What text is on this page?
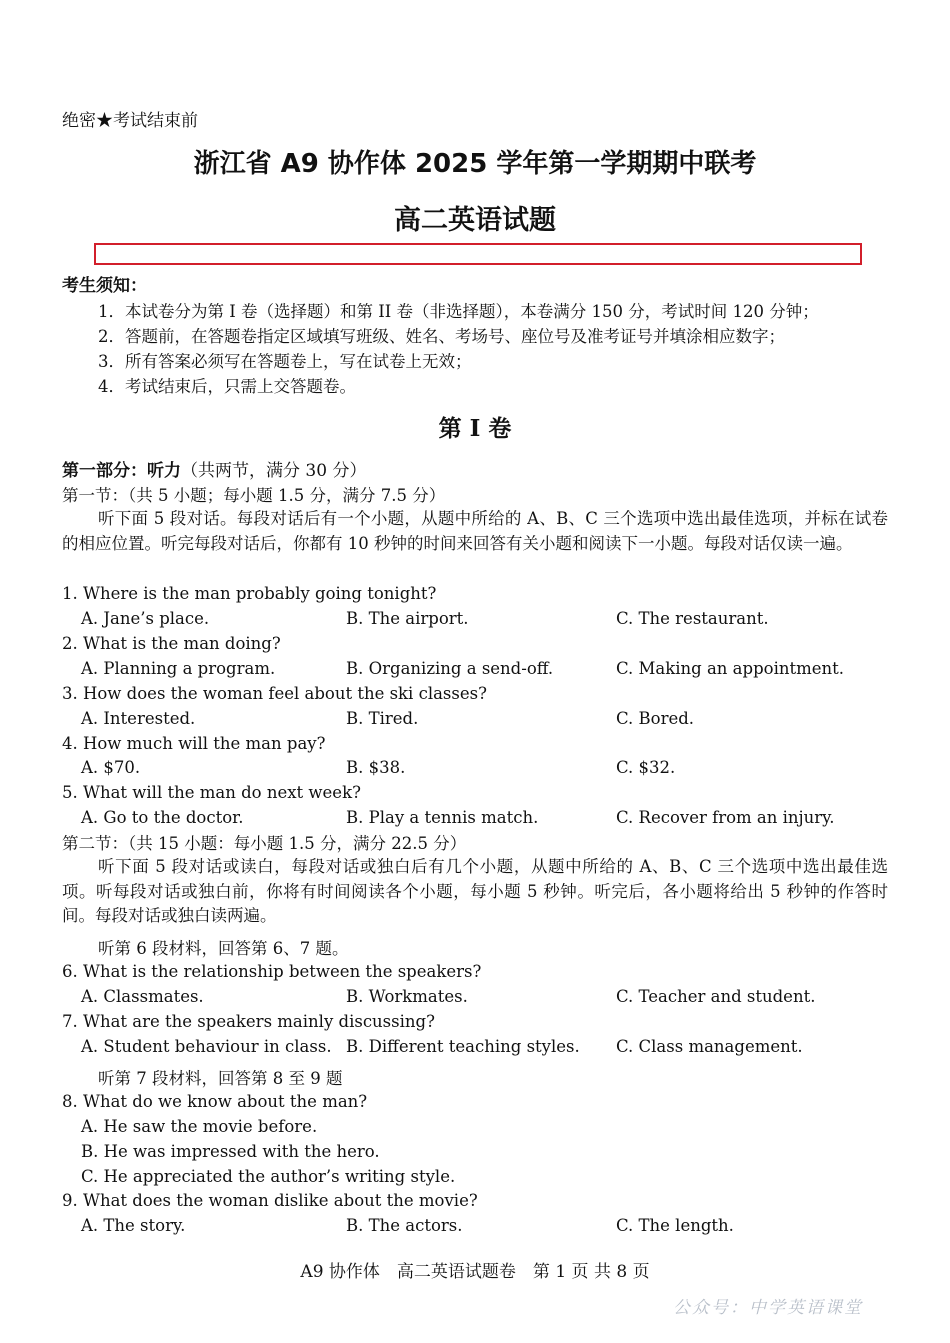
绝密★考试结束前
浙江省 A9 协作体 2025 学年第一学期期中联考
高二英语试题
考生须知：
1．本试卷分为第 I 卷（选择题）和第 II 卷（非选择题），本卷满分 150 分，考试时间 120 分钟；
2．答题前，在答题卷指定区域填写班级、姓名、考场号、座位号及准考证号并填涂相应数字；
3．所有答案必须写在答题卷上，写在试卷上无效；
4．考试结束后，只需上交答题卷。
第 I 卷
第一部分：听力（共两节，满分 30 分）
第一节：（共 5 小题；每小题 1.5 分，满分 7.5 分）
听下面 5 段对话。每段对话后有一个小题，从题中所给的 A、B、C 三个选项中选出最佳选项，并标在试卷的相应位置。听完每段对话后，你都有 10 秒钟的时间来回答有关小题和阅读下一小题。每段对话仅读一遍。
1. Where is the man probably going tonight?
A. Jane’s place.	B. The airport.	C. The restaurant.
2. What is the man doing?
A. Planning a program.	B. Organizing a send-off.	C. Making an appointment.
3. How does the woman feel about the ski classes?
A. Interested.	B. Tired.	C. Bored.
4. How much will the man pay?
A. $70.	B. $38.	C. $32.
5. What will the man do next week?
A. Go to the doctor.	B. Play a tennis match.	C. Recover from an injury.
第二节：（共 15 小题：每小题 1.5 分，满分 22.5 分）
听下面 5 段对话或读白，每段对话或独白后有几个小题，从题中所给的 A、B、C 三个选项中选出最佳选项。听每段对话或独白前，你将有时间阅读各个小题，每小题 5 秒钟。听完后，各小题将给出 5 秒钟的作答时间。每段对话或独白读两遍。
听第 6 段材料，回答第 6、7 题。
6. What is the relationship between the speakers?
A. Classmates.	B. Workmates.	C. Teacher and student.
7. What are the speakers mainly discussing?
A. Student behaviour in class. B. Different teaching styles. C. Class management.
听第 7 段材料，回答第 8 至 9 题
8. What do we know about the man?
A. He saw the movie before.
B. He was impressed with the hero.
C. He appreciated the author’s writing style.
9. What does the woman dislike about the movie?
A. The story.	B. The actors.	C. The length.
A9 协作体　高二英语试题卷　第 1 页 共 8 页
公众号：中学英语课堂
